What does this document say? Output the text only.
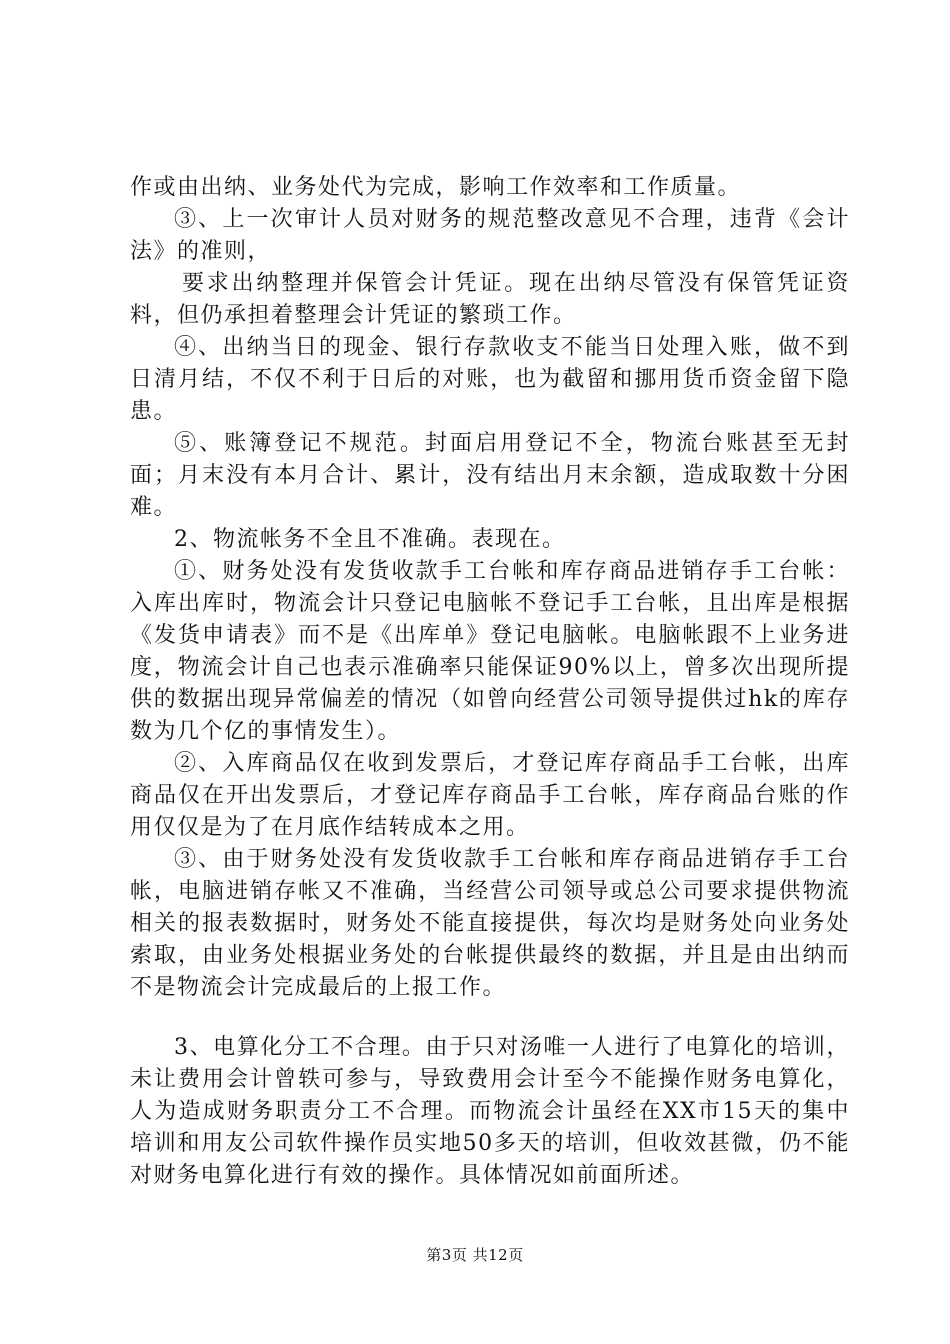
作或由出纳、业务处代为完成，影响工作效率和工作质量。

③、上一次审计人员对财务的规范整改意见不合理，违背《会计法》的准则，

要求出纳整理并保管会计凭证。现在出纳尽管没有保管凭证资料，但仍承担着整理会计凭证的繁琐工作。

④、出纳当日的现金、银行存款收支不能当日处理入账，做不到日清月结，不仅不利于日后的对账，也为截留和挪用货币资金留下隐患。

⑤、账簿登记不规范。封面启用登记不全，物流台账甚至无封面；月末没有本月合计、累计，没有结出月末余额，造成取数十分困难。

2、物流帐务不全且不准确。表现在。

①、财务处没有发货收款手工台帐和库存商品进销存手工台帐：入库出库时，物流会计只登记电脑帐不登记手工台帐，且出库是根据《发货申请表》而不是《出库单》登记电脑帐。电脑帐跟不上业务进度，物流会计自己也表示准确率只能保证90%以上，曾多次出现所提供的数据出现异常偏差的情况（如曾向经营公司领导提供过hk的库存数为几个亿的事情发生）。

②、入库商品仅在收到发票后，才登记库存商品手工台帐，出库商品仅在开出发票后，才登记库存商品手工台帐，库存商品台账的作用仅仅是为了在月底作结转成本之用。

③、由于财务处没有发货收款手工台帐和库存商品进销存手工台帐，电脑进销存帐又不准确，当经营公司领导或总公司要求提供物流相关的报表数据时，财务处不能直接提供，每次均是财务处向业务处索取，由业务处根据业务处的台帐提供最终的数据，并且是由出纳而不是物流会计完成最后的上报工作。

3、电算化分工不合理。由于只对汤唯一人进行了电算化的培训，未让费用会计曾轶可参与，导致费用会计至今不能操作财务电算化，人为造成财务职责分工不合理。而物流会计虽经在XX市15天的集中培训和用友公司软件操作员实地50多天的培训，但收效甚微，仍不能对财务电算化进行有效的操作。具体情况如前面所述。

第3页 共12页
